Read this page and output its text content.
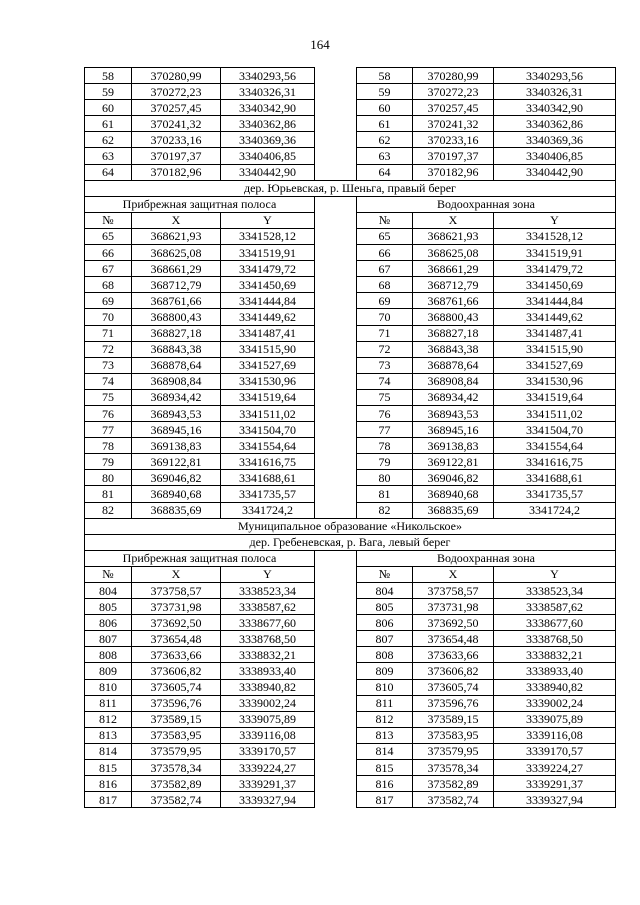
164
58	370280,99	3340293,56		58	370280,99	3340293,56
59	370272,23	3340326,31		59	370272,23	3340326,31
60	370257,45	3340342,90		60	370257,45	3340342,90
61	370241,32	3340362,86		61	370241,32	3340362,86
62	370233,16	3340369,36		62	370233,16	3340369,36
63	370197,37	3340406,85		63	370197,37	3340406,85
64	370182,96	3340442,90		64	370182,96	3340442,90
дер. Юрьевская, р. Шеньга, правый берег						
Прибрежная защитная полоса				Водоохранная зона		
№	X	Y		№	X	Y
65	368621,93	3341528,12		65	368621,93	3341528,12
66	368625,08	3341519,91		66	368625,08	3341519,91
67	368661,29	3341479,72		67	368661,29	3341479,72
68	368712,79	3341450,69		68	368712,79	3341450,69
69	368761,66	3341444,84		69	368761,66	3341444,84
70	368800,43	3341449,62		70	368800,43	3341449,62
71	368827,18	3341487,41		71	368827,18	3341487,41
72	368843,38	3341515,90		72	368843,38	3341515,90
73	368878,64	3341527,69		73	368878,64	3341527,69
74	368908,84	3341530,96		74	368908,84	3341530,96
75	368934,42	3341519,64		75	368934,42	3341519,64
76	368943,53	3341511,02		76	368943,53	3341511,02
77	368945,16	3341504,70		77	368945,16	3341504,70
78	369138,83	3341554,64		78	369138,83	3341554,64
79	369122,81	3341616,75		79	369122,81	3341616,75
80	369046,82	3341688,61		80	369046,82	3341688,61
81	368940,68	3341735,57		81	368940,68	3341735,57
82	368835,69	3341724,2		82	368835,69	3341724,2
Муниципальное образование «Никольское»						
дер. Гребеневская, р. Вага, левый берег						
Прибрежная защитная полоса				Водоохранная зона		
№	X	Y		№	X	Y
804	373758,57	3338523,34		804	373758,57	3338523,34
805	373731,98	3338587,62		805	373731,98	3338587,62
806	373692,50	3338677,60		806	373692,50	3338677,60
807	373654,48	3338768,50		807	373654,48	3338768,50
808	373633,66	3338832,21		808	373633,66	3338832,21
809	373606,82	3338933,40		809	373606,82	3338933,40
810	373605,74	3338940,82		810	373605,74	3338940,82
811	373596,76	3339002,24		811	373596,76	3339002,24
812	373589,15	3339075,89		812	373589,15	3339075,89
813	373583,95	3339116,08		813	373583,95	3339116,08
814	373579,95	3339170,57		814	373579,95	3339170,57
815	373578,34	3339224,27		815	373578,34	3339224,27
816	373582,89	3339291,37		816	373582,89	3339291,37
817	373582,74	3339327,94		817	373582,74	3339327,94
